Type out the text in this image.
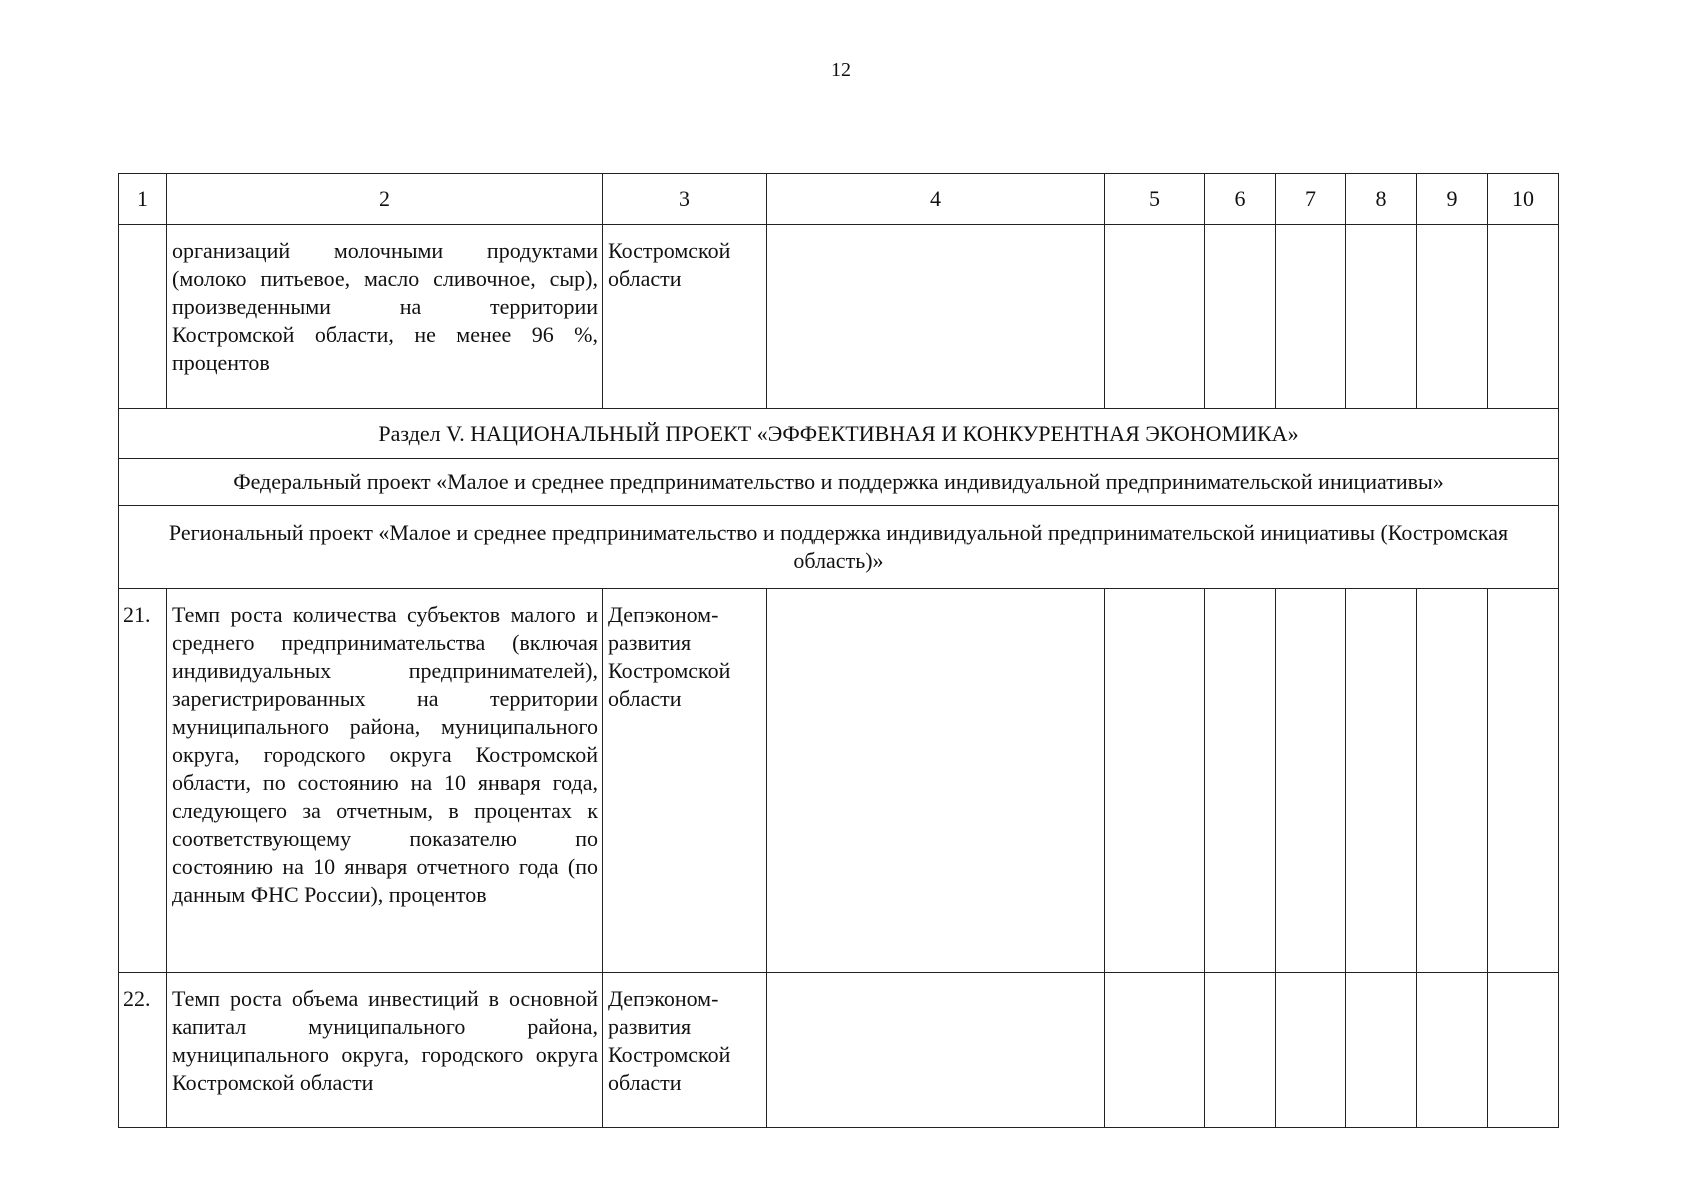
12
1	2	3	4	5	6	7	8	9	10
	организаций молочными продуктами (молоко питьевое, масло сливочное, сыр), произведенными на территории Костромской области, не менее 96 %, процентов	Костромской области							
Раздел V. НАЦИОНАЛЬНЫЙ ПРОЕКТ «ЭФФЕКТИВНАЯ И КОНКУРЕНТНАЯ ЭКОНОМИКА»									
Федеральный проект «Малое и среднее предпринимательство и поддержка индивидуальной предпринимательской инициативы»									
Региональный проект «Малое и среднее предпринимательство и поддержка индивидуальной предпринимательской инициативы (Костромская область)»									
21.	Темп роста количества субъектов малого и среднего предпринимательства (включая индивидуальных предпринимателей), зарегистрированных на территории муниципального района, муниципального округа, городского округа Костромской области, по состоянию на 10 января года, следующего за отчетным, в процентах к соответствующему показателю по состоянию на 10 января отчетного года (по данным ФНС России), процентов	Депэконом-развития Костромской области							
22.	Темп роста объема инвестиций в основной капитал муниципального района, муниципального округа, городского округа Костромской области	Депэконом-развития Костромской области							
